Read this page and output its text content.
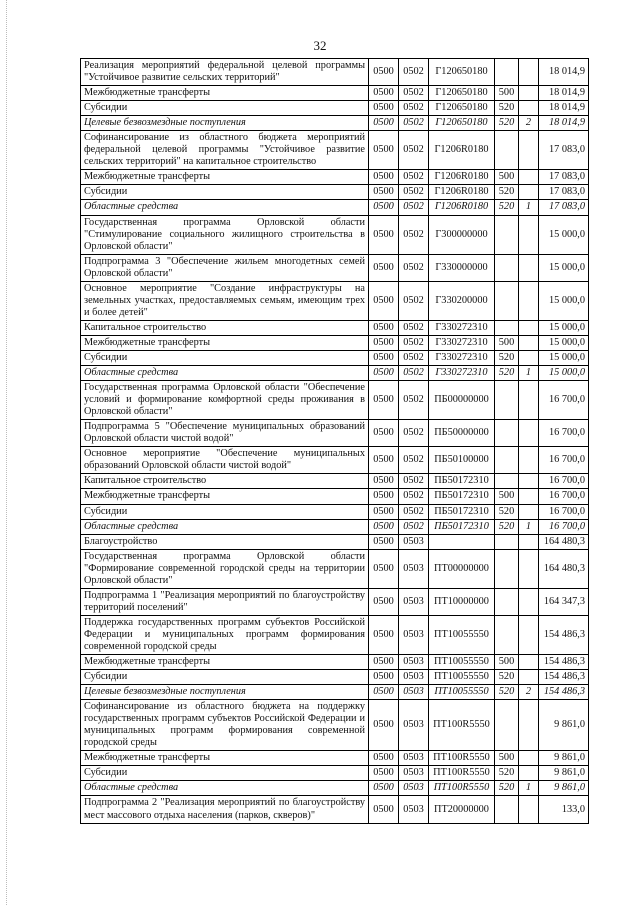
32
Реализация мероприятий федеральной целевой программы "Устойчивое развитие сельских территорий"	0500	0502	Г120650180			18 014,9
Межбюджетные трансферты	0500	0502	Г120650180	500		18 014,9
Субсидии	0500	0502	Г120650180	520		18 014,9
Целевые безвозмездные поступления	0500	0502	Г120650180	520	2	18 014,9
Софинансирование из областного бюджета мероприятий федеральной целевой программы "Устойчивое развитие сельских территорий" на капитальное строительство	0500	0502	Г1206R0180			17 083,0
Межбюджетные трансферты	0500	0502	Г1206R0180	500		17 083,0
Субсидии	0500	0502	Г1206R0180	520		17 083,0
Областные средства	0500	0502	Г1206R0180	520	1	17 083,0
Государственная программа Орловской области "Стимулирование социального жилищного строительства в Орловской области"	0500	0502	Г300000000			15 000,0
Подпрограмма 3 "Обеспечение жильем многодетных семей Орловской области"	0500	0502	Г330000000			15 000,0
Основное мероприятие "Создание инфраструктуры на земельных участках, предоставляемых семьям, имеющим трех и более детей"	0500	0502	Г330200000			15 000,0
Капитальное строительство	0500	0502	Г330272310			15 000,0
Межбюджетные трансферты	0500	0502	Г330272310	500		15 000,0
Субсидии	0500	0502	Г330272310	520		15 000,0
Областные средства	0500	0502	Г330272310	520	1	15 000,0
Государственная программа Орловской области "Обеспечение условий и формирование комфортной среды проживания в Орловской области"	0500	0502	ПБ00000000			16 700,0
Подпрограмма 5 "Обеспечение муниципальных образований Орловской области чистой водой"	0500	0502	ПБ50000000			16 700,0
Основное мероприятие "Обеспечение муниципальных образований Орловской области чистой водой"	0500	0502	ПБ50100000			16 700,0
Капитальное строительство	0500	0502	ПБ50172310			16 700,0
Межбюджетные трансферты	0500	0502	ПБ50172310	500		16 700,0
Субсидии	0500	0502	ПБ50172310	520		16 700,0
Областные средства	0500	0502	ПБ50172310	520	1	16 700,0
Благоустройство	0500	0503				164 480,3
Государственная программа Орловской области "Формирование современной городской среды на территории Орловской области"	0500	0503	ПТ00000000			164 480,3
Подпрограмма 1 "Реализация мероприятий по благоустройству территорий поселений"	0500	0503	ПТ10000000			164 347,3
Поддержка государственных программ субъектов Российской Федерации и муниципальных программ формирования современной городской среды	0500	0503	ПТ10055550			154 486,3
Межбюджетные трансферты	0500	0503	ПТ10055550	500		154 486,3
Субсидии	0500	0503	ПТ10055550	520		154 486,3
Целевые безвозмездные поступления	0500	0503	ПТ10055550	520	2	154 486,3
Софинансирование из областного бюджета на поддержку государственных программ субъектов Российской Федерации и муниципальных программ формирования современной городской среды	0500	0503	ПТ100R5550			9 861,0
Межбюджетные трансферты	0500	0503	ПТ100R5550	500		9 861,0
Субсидии	0500	0503	ПТ100R5550	520		9 861,0
Областные средства	0500	0503	ПТ100R5550	520	1	9 861,0
Подпрограмма 2 "Реализация мероприятий по благоустройству мест массового отдыха населения (парков, скверов)"	0500	0503	ПТ20000000			133,0
